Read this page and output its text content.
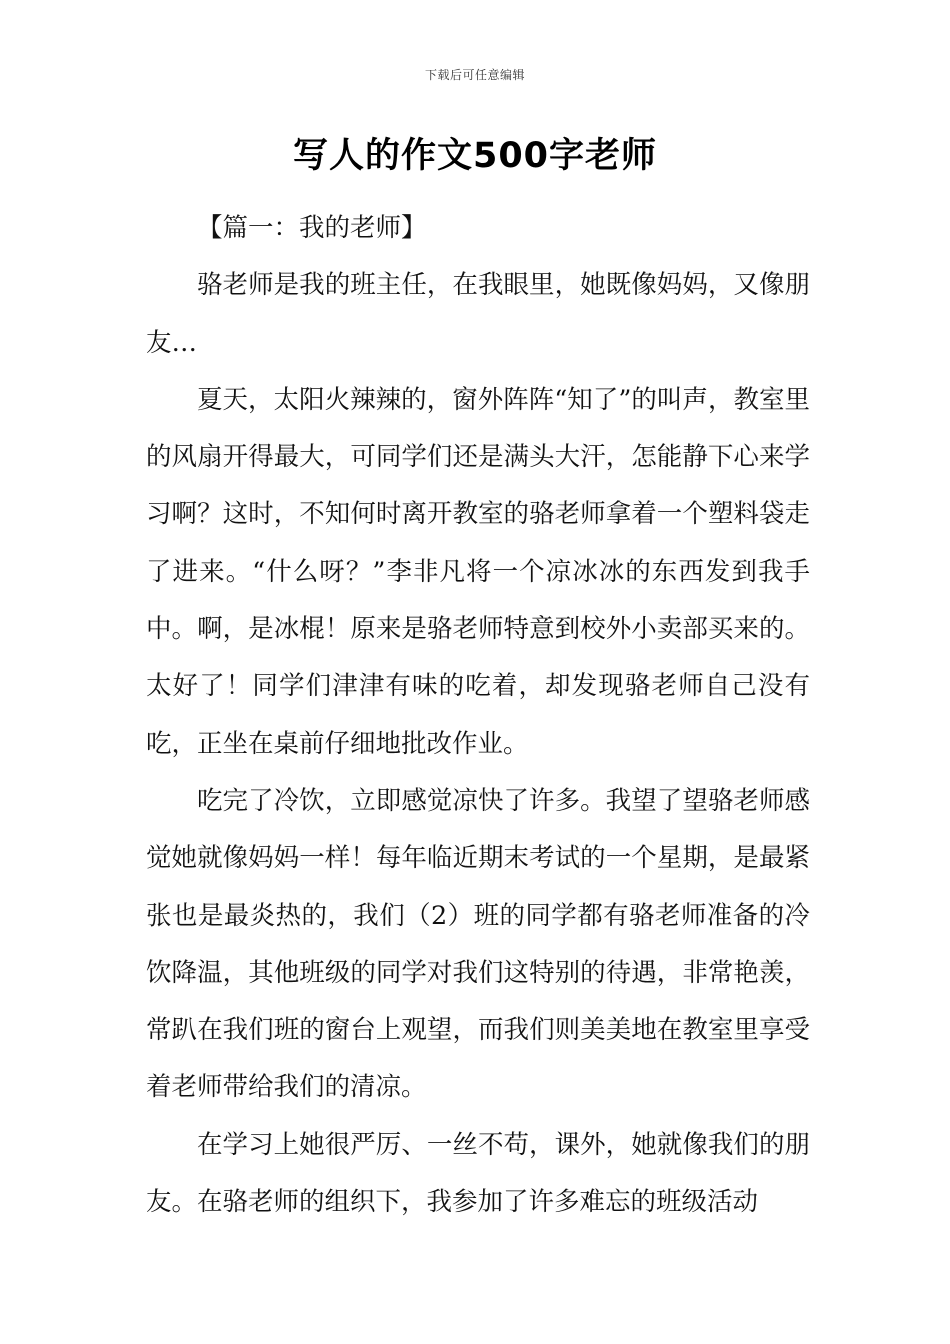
下载后可任意编辑
写人的作文500字老师

【篇一：我的老师】

骆老师是我的班主任，在我眼里，她既像妈妈，又像朋友…

夏天，太阳火辣辣的，窗外阵阵“知了”的叫声，教室里的风扇开得最大，可同学们还是满头大汗，怎能静下心来学习啊？这时，不知何时离开教室的骆老师拿着一个塑料袋走了进来。“什么呀？”李非凡将一个凉冰冰的东西发到我手中。啊，是冰棍！原来是骆老师特意到校外小卖部买来的。太好了！同学们津津有味的吃着，却发现骆老师自己没有吃，正坐在桌前仔细地批改作业。

吃完了冷饮，立即感觉凉快了许多。我望了望骆老师感觉她就像妈妈一样！每年临近期末考试的一个星期，是最紧张也是最炎热的，我们（2）班的同学都有骆老师准备的冷饮降温，其他班级的同学对我们这特别的待遇，非常艳羡，常趴在我们班的窗台上观望，而我们则美美地在教室里享受着老师带给我们的清凉。

在学习上她很严厉、一丝不苟，课外，她就像我们的朋友。在骆老师的组织下，我参加了许多难忘的班级活动
